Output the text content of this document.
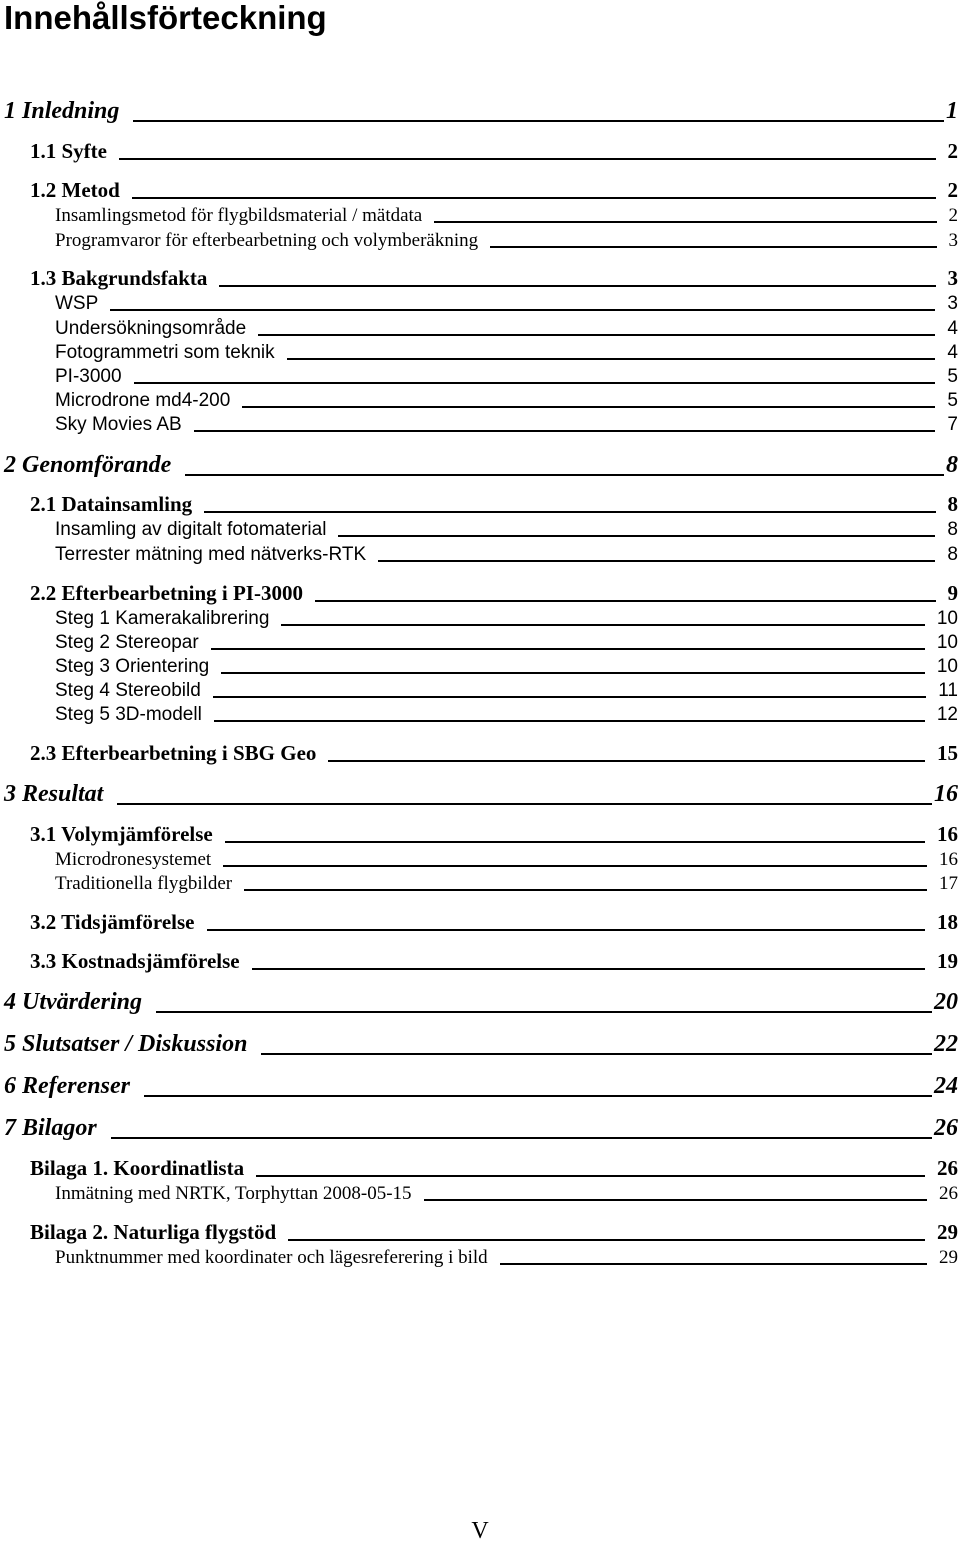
Innehållsförteckning
1 Inledning	1
1.1 Syfte	2
1.2 Metod	2
Insamlingsmetod för flygbildsmaterial / mätdata	2
Programvaror för efterbearbetning och volymberäkning	3
1.3 Bakgrundsfakta	3
WSP	3
Undersökningsområde	4
Fotogrammetri som teknik	4
PI-3000	5
Microdrone md4-200	5
Sky Movies AB	7
2 Genomförande	8
2.1 Datainsamling	8
Insamling av digitalt fotomaterial	8
Terrester mätning med nätverks-RTK	8
2.2 Efterbearbetning i PI-3000	9
Steg 1 Kamerakalibrering	10
Steg 2 Stereopar	10
Steg 3 Orientering	10
Steg 4 Stereobild	11
Steg 5 3D-modell	12
2.3 Efterbearbetning i SBG Geo	15
3 Resultat	16
3.1 Volymjämförelse	16
Microdronesystemet	16
Traditionella flygbilder	17
3.2 Tidsjämförelse	18
3.3 Kostnadsjämförelse	19
4 Utvärdering	20
5 Slutsatser / Diskussion	22
6 Referenser	24
7 Bilagor	26
Bilaga 1. Koordinatlista	26
Inmätning med NRTK, Torphyttan 2008-05-15	26
Bilaga 2. Naturliga flygstöd	29
Punktnummer med koordinater och lägesreferering i bild	29
V
